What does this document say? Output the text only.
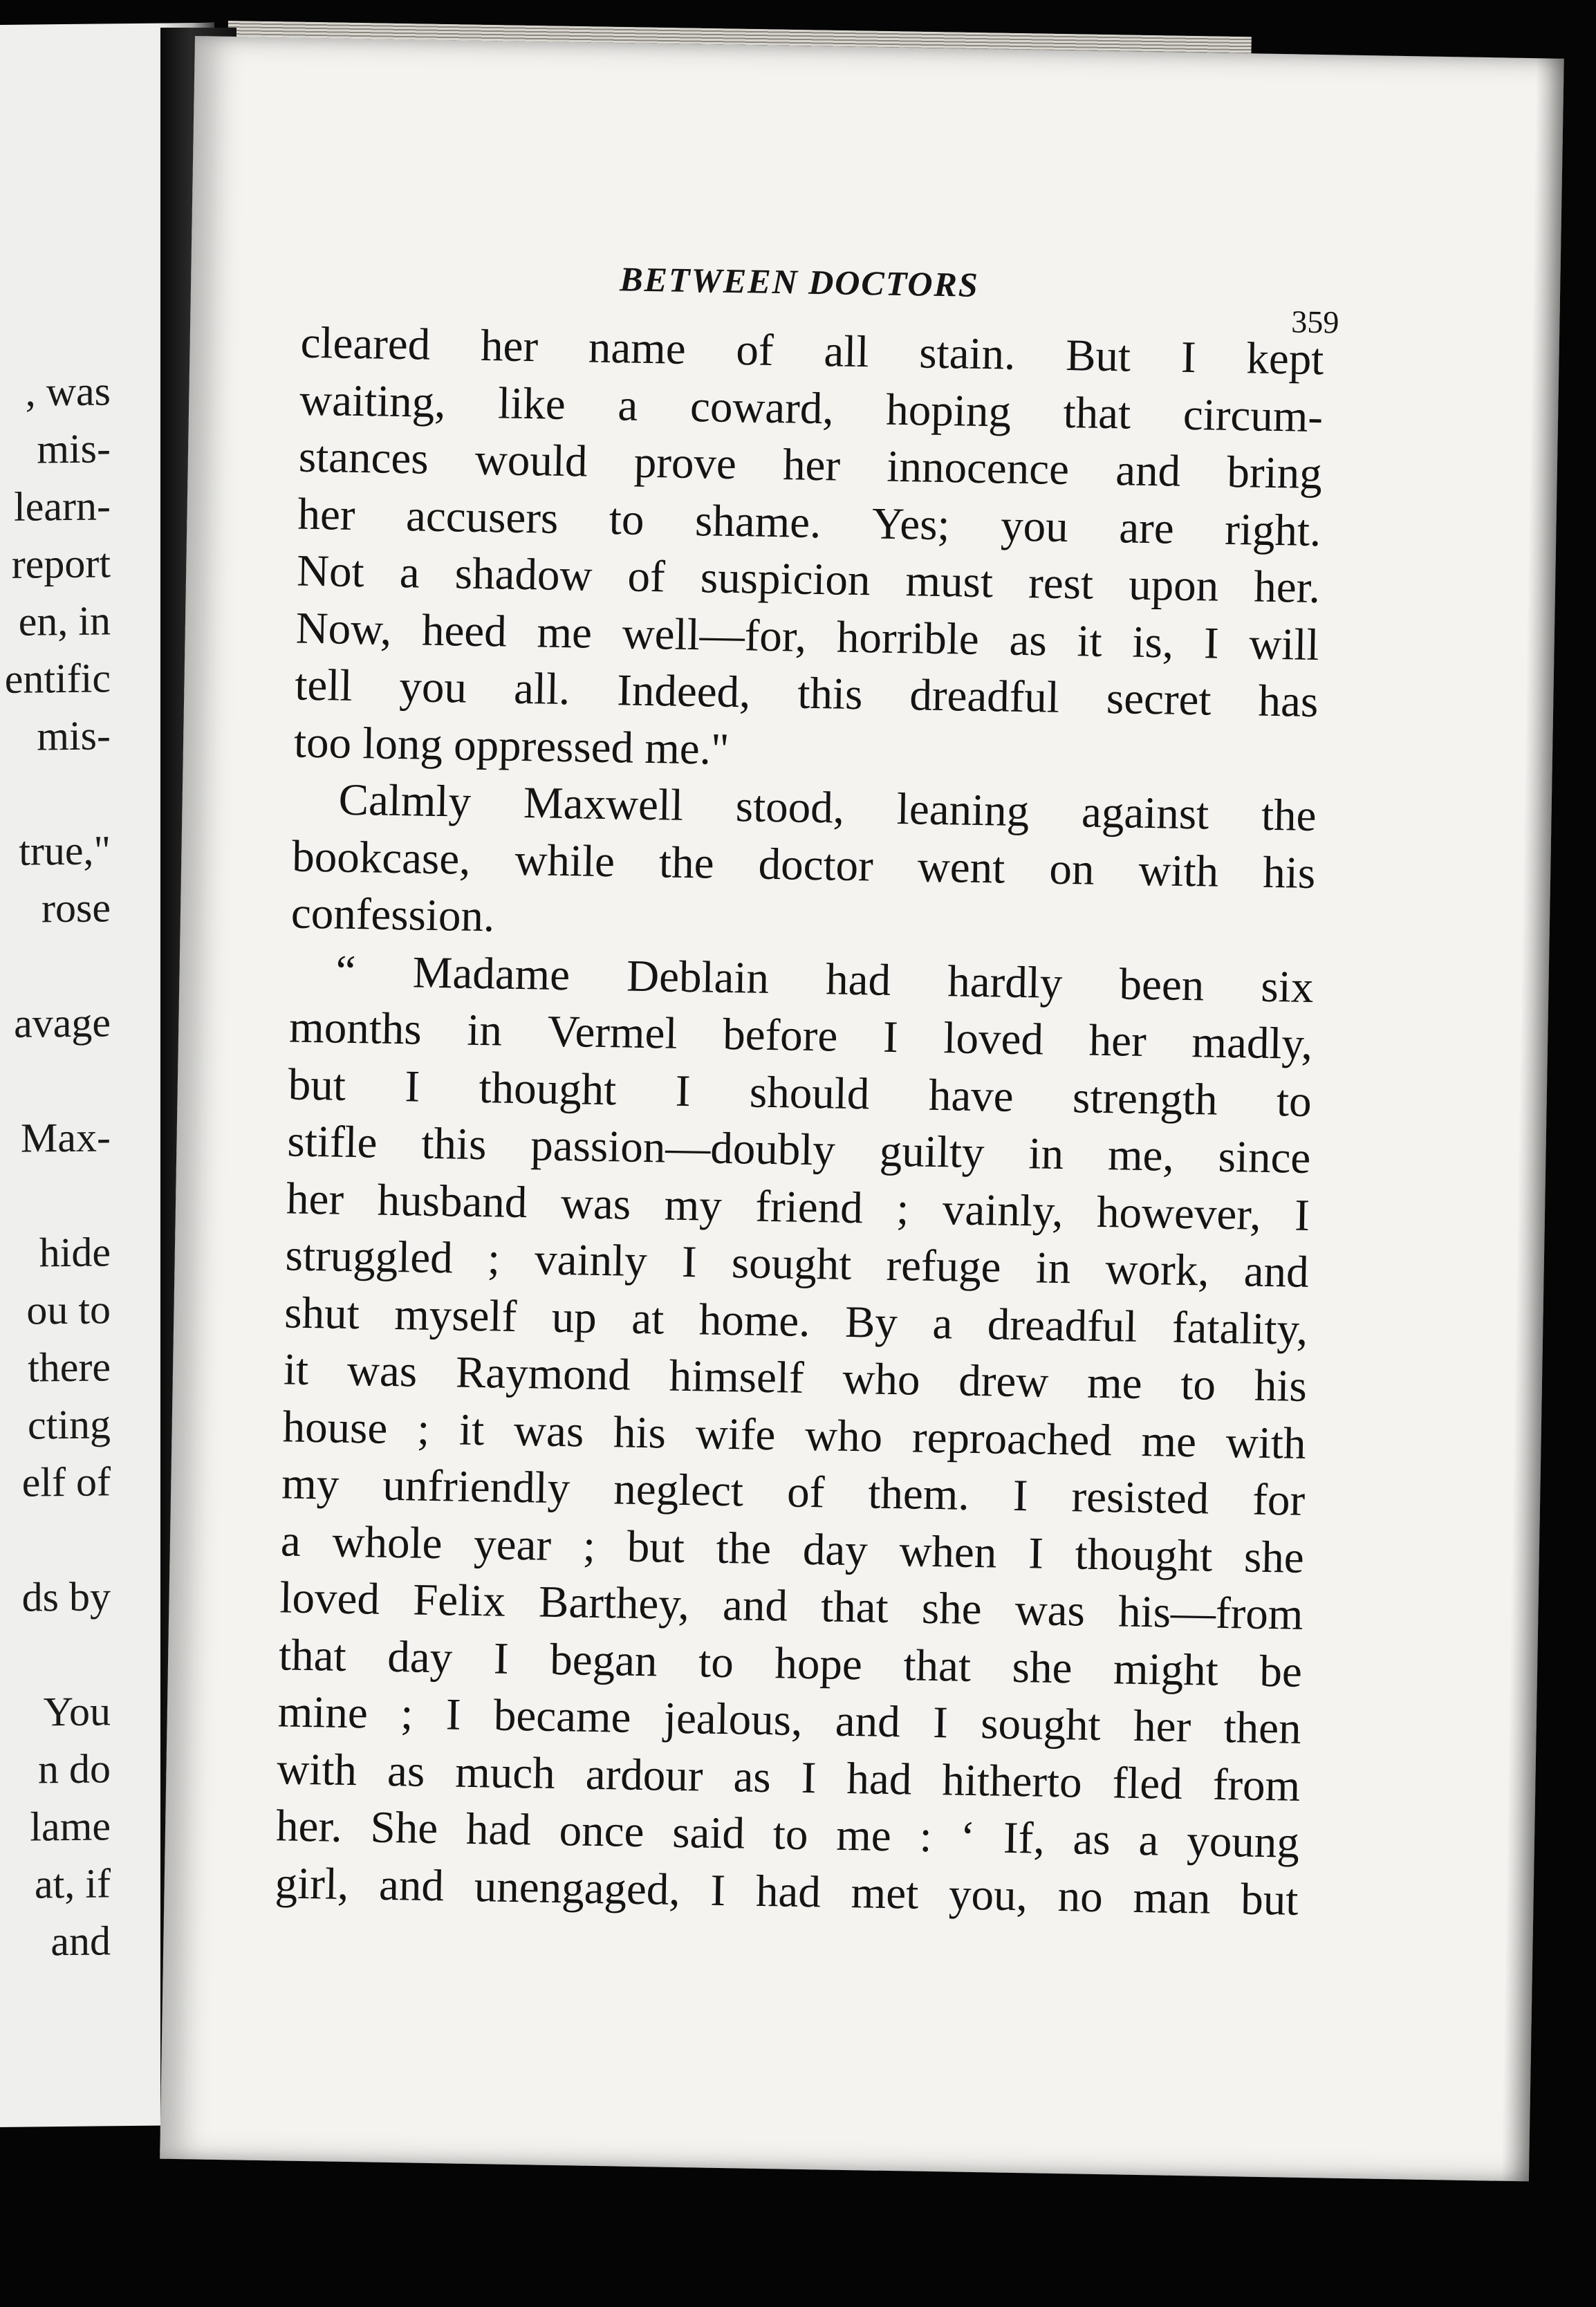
, was
mis-
learn-
report
en, in
entific
mis-
true,"
rose
avage
Max-
hide
ou to
there
cting
elf of
ds by
You
n do
lame
at, if
and
BETWEEN DOCTORS
359
cleared her name of all stain. But I kept
waiting, like a coward, hoping that circum-
stances would prove her innocence and bring
her accusers to shame. Yes; you are right.
Not a shadow of suspicion must rest upon her.
Now, heed me well—for, horrible as it is, I will
tell you all. Indeed, this dreadful secret has
too long oppressed me."
Calmly Maxwell stood, leaning against the
bookcase, while the doctor went on with his
confession.
“ Madame Deblain had hardly been six
months in Vermel before I loved her madly,
but I thought I should have strength to
stifle this passion—doubly guilty in me, since
her husband was my friend ; vainly, however, I
struggled ; vainly I sought refuge in work, and
shut myself up at home. By a dreadful fatality,
it was Raymond himself who drew me to his
house ; it was his wife who reproached me with
my unfriendly neglect of them. I resisted for
a whole year ; but the day when I thought she
loved Felix Barthey, and that she was his—from
that day I began to hope that she might be
mine ; I became jealous, and I sought her then
with as much ardour as I had hitherto fled from
her. She had once said to me : ‘ If, as a young
girl, and unengaged, I had met you, no man but
